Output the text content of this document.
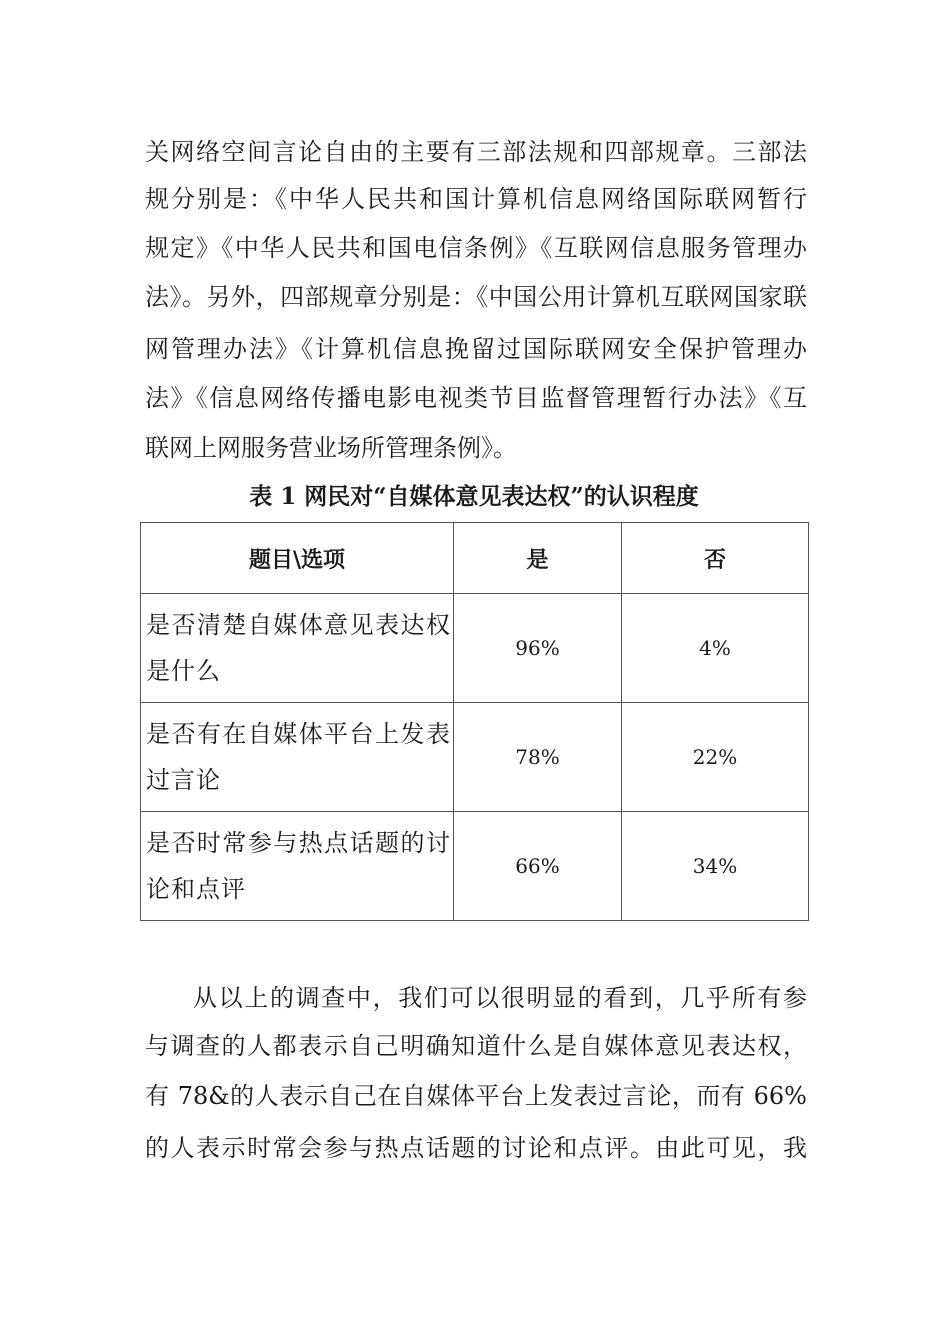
关网络空间言论自由的主要有三部法规和四部规章。三部法
规分别是：《中华人民共和国计算机信息网络国际联网暂行
规定》《中华人民共和国电信条例》《互联网信息服务管理办
法》。另外，四部规章分别是：《中国公用计算机互联网国家联
网管理办法》《计算机信息挽留过国际联网安全保护管理办
法》《信息网络传播电影电视类节目监督管理暂行办法》《互
联网上网服务营业场所管理条例》。
表 1 网民对“自媒体意见表达权”的认识程度
题目\选项	是	否
是否清楚自媒体意见表达权是什么	96%	4%
是否有在自媒体平台上发表过言论	78%	22%
是否时常参与热点话题的讨论和点评	66%	34%
从以上的调查中，我们可以很明显的看到，几乎所有参
与调查的人都表示自己明确知道什么是自媒体意见表达权，
有 78&的人表示自己在自媒体平台上发表过言论，而有 66%
的人表示时常会参与热点话题的讨论和点评。由此可见，我
